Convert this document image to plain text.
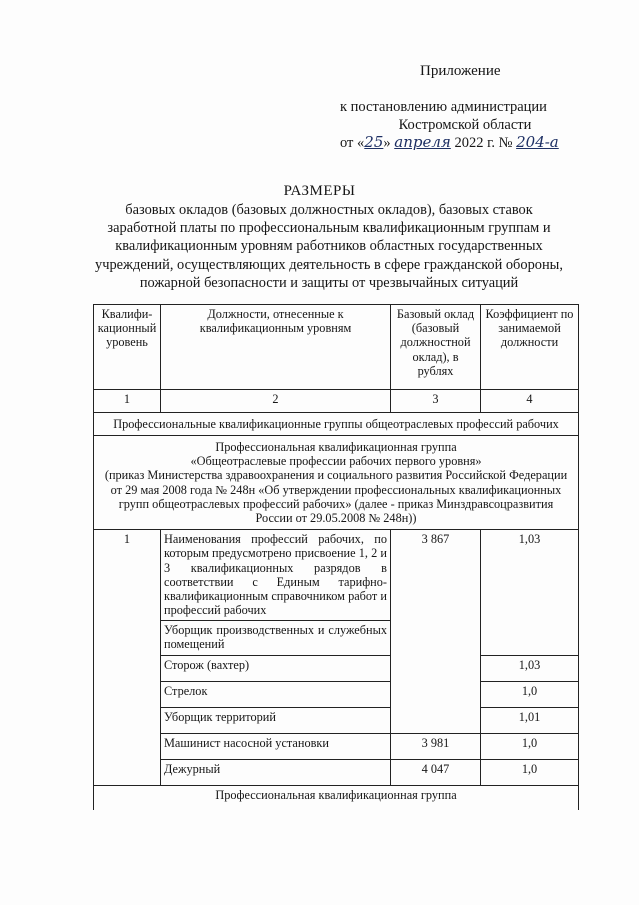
Приложение
к постановлению администрации
Костромской области
от «25» апреля 2022 г. № 204-а
РАЗМЕРЫ
базовых окладов (базовых должностных окладов), базовых ставок заработной платы по профессиональным квалификационным группам и квалификационным уровням работников областных государственных учреждений, осуществляющих деятельность в сфере гражданской обороны, пожарной безопасности и защиты от чрезвычайных ситуаций
Квалифи-кационный уровень	Должности, отнесенные к квалификационным уровням	Базовый оклад (базовый должностной оклад), в рублях	Коэффициент по занимаемой должности
1	2	3	4
Профессиональные квалификационные группы общеотраслевых профессий рабочих			

Профессиональная квалификационная группа
«Общеотраслевые профессии рабочих первого уровня»
(приказ Министерства здравоохранения и социального развития Российской Федерации от 29 мая 2008 года № 248н «Об утверждении профессиональных квалификационных групп общеотраслевых профессий рабочих» (далее - приказ Минздравсоцразвития России от 29.05.2008 № 248н))			

1	Наименования профессий рабочих, по которым предусмотрено присвоение 1, 2 и 3 квалификационных разрядов в соответствии с Единым тарифно-квалификационным справочником работ и профессий рабочих	3 867	1,03
	Уборщик производственных и служебных помещений		
	Сторож (вахтер)		1,03
	Стрелок		1,0
	Уборщик территорий		1,01
	Машинист насосной установки	3 981	1,0
	Дежурный	4 047	1,0
Профессиональная квалификационная группа			
